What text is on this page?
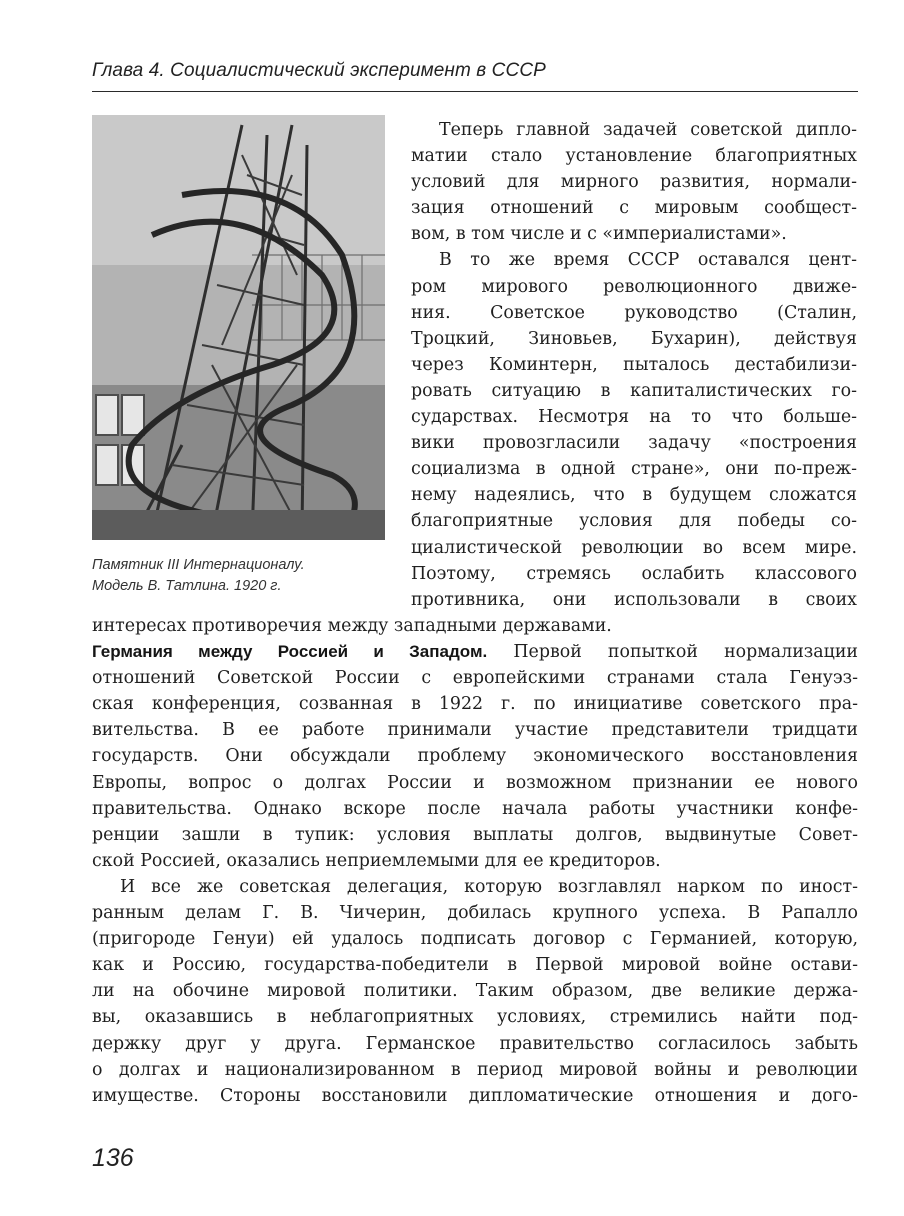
Глава 4. Социалистический эксперимент в СССР
Памятник III Интернационалу.
Модель В. Татлина. 1920 г.
Теперь главной задачей советской дипло-
матии стало установление благоприятных
условий для мирного развития, нормали-
зация отношений с мировым сообщест-
вом, в том числе и с «империалистами».
В то же время СССР оставался цент-
ром мирового революционного движе-
ния. Советское руководство (Сталин,
Троцкий, Зиновьев, Бухарин), действуя
через Коминтерн, пыталось дестабилизи-
ровать ситуацию в капиталистических го-
сударствах. Несмотря на то что больше-
вики провозгласили задачу «построения
социализма в одной стране», они по-преж-
нему надеялись, что в будущем сложатся
благоприятные условия для победы со-
циалистической революции во всем мире.
Поэтому, стремясь ослабить классового
противника, они использовали в своих
интересах противоречия между западными державами.
Германия между Россией и Западом. Первой попыткой нормализации
отношений Советской России с европейскими странами стала Генуэз-
ская конференция, созванная в 1922 г. по инициативе советского пра-
вительства. В ее работе принимали участие представители тридцати
государств. Они обсуждали проблему экономического восстановления
Европы, вопрос о долгах России и возможном признании ее нового
правительства. Однако вскоре после начала работы участники конфе-
ренции зашли в тупик: условия выплаты долгов, выдвинутые Совет-
ской Россией, оказались неприемлемыми для ее кредиторов.
И все же советская делегация, которую возглавлял нарком по иност-
ранным делам Г. В. Чичерин, добилась крупного успеха. В Рапалло
(пригороде Генуи) ей удалось подписать договор с Германией, которую,
как и Россию, государства-победители в Первой мировой войне остави-
ли на обочине мировой политики. Таким образом, две великие держа-
вы, оказавшись в неблагоприятных условиях, стремились найти под-
держку друг у друга. Германское правительство согласилось забыть
о долгах и национализированном в период мировой войны и революции
имуществе. Стороны восстановили дипломатические отношения и дого-
136
